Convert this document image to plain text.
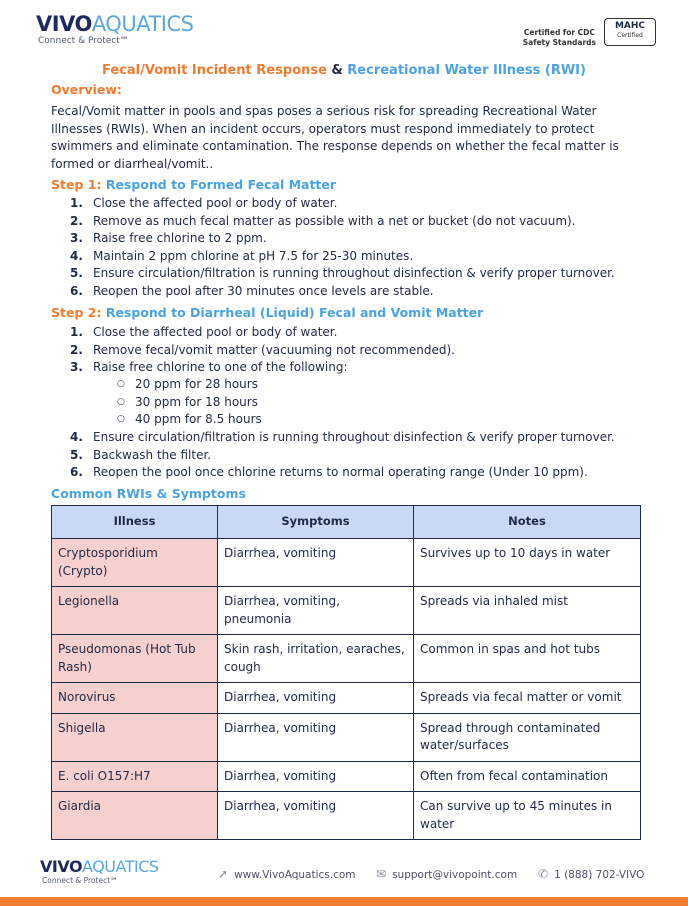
VIVOAQUATICS
Connect & Protect℠
Certified for CDC
Safety Standards
MAHC
Certified
Fecal/Vomit Incident Response & Recreational Water Illness (RWI)
Overview:
Fecal/Vomit matter in pools and spas poses a serious risk for spreading Recreational Water Illnesses (RWIs). When an incident occurs, operators must respond immediately to protect swimmers and eliminate contamination. The response depends on whether the fecal matter is formed or diarrheal/vomit..
Step 1: Respond to Formed Fecal Matter
1. Close the affected pool or body of water.
2. Remove as much fecal matter as possible with a net or bucket (do not vacuum).
3. Raise free chlorine to 2 ppm.
4. Maintain 2 ppm chlorine at pH 7.5 for 25-30 minutes.
5. Ensure circulation/filtration is running throughout disinfection & verify proper turnover.
6. Reopen the pool after 30 minutes once levels are stable.
Step 2: Respond to Diarrheal (Liquid) Fecal and Vomit Matter
1. Close the affected pool or body of water.
2. Remove fecal/vomit matter (vacuuming not recommended).
3. Raise free chlorine to one of the following:
○ 20 ppm for 28 hours
○ 30 ppm for 18 hours
○ 40 ppm for 8.5 hours
4. Ensure circulation/filtration is running throughout disinfection & verify proper turnover.
5. Backwash the filter.
6. Reopen the pool once chlorine returns to normal operating range (Under 10 ppm).
Common RWIs & Symptoms
Illness	Symptoms	Notes
Cryptosporidium (Crypto)	Diarrhea, vomiting	Survives up to 10 days in water
Legionella	Diarrhea, vomiting, pneumonia	Spreads via inhaled mist
Pseudomonas (Hot Tub Rash)	Skin rash, irritation, earaches, cough	Common in spas and hot tubs
Norovirus	Diarrhea, vomiting	Spreads via fecal matter or vomit
Shigella	Diarrhea, vomiting	Spread through contaminated water/surfaces
E. coli O157:H7	Diarrhea, vomiting	Often from fecal contamination
Giardia	Diarrhea, vomiting	Can survive up to 45 minutes in water
VIVOAQUATICS
Connect & Protect℠	➚ www.VivoAquatics.com ✉ support@vivopoint.com ✆ 1 (888) 702-VIVO
